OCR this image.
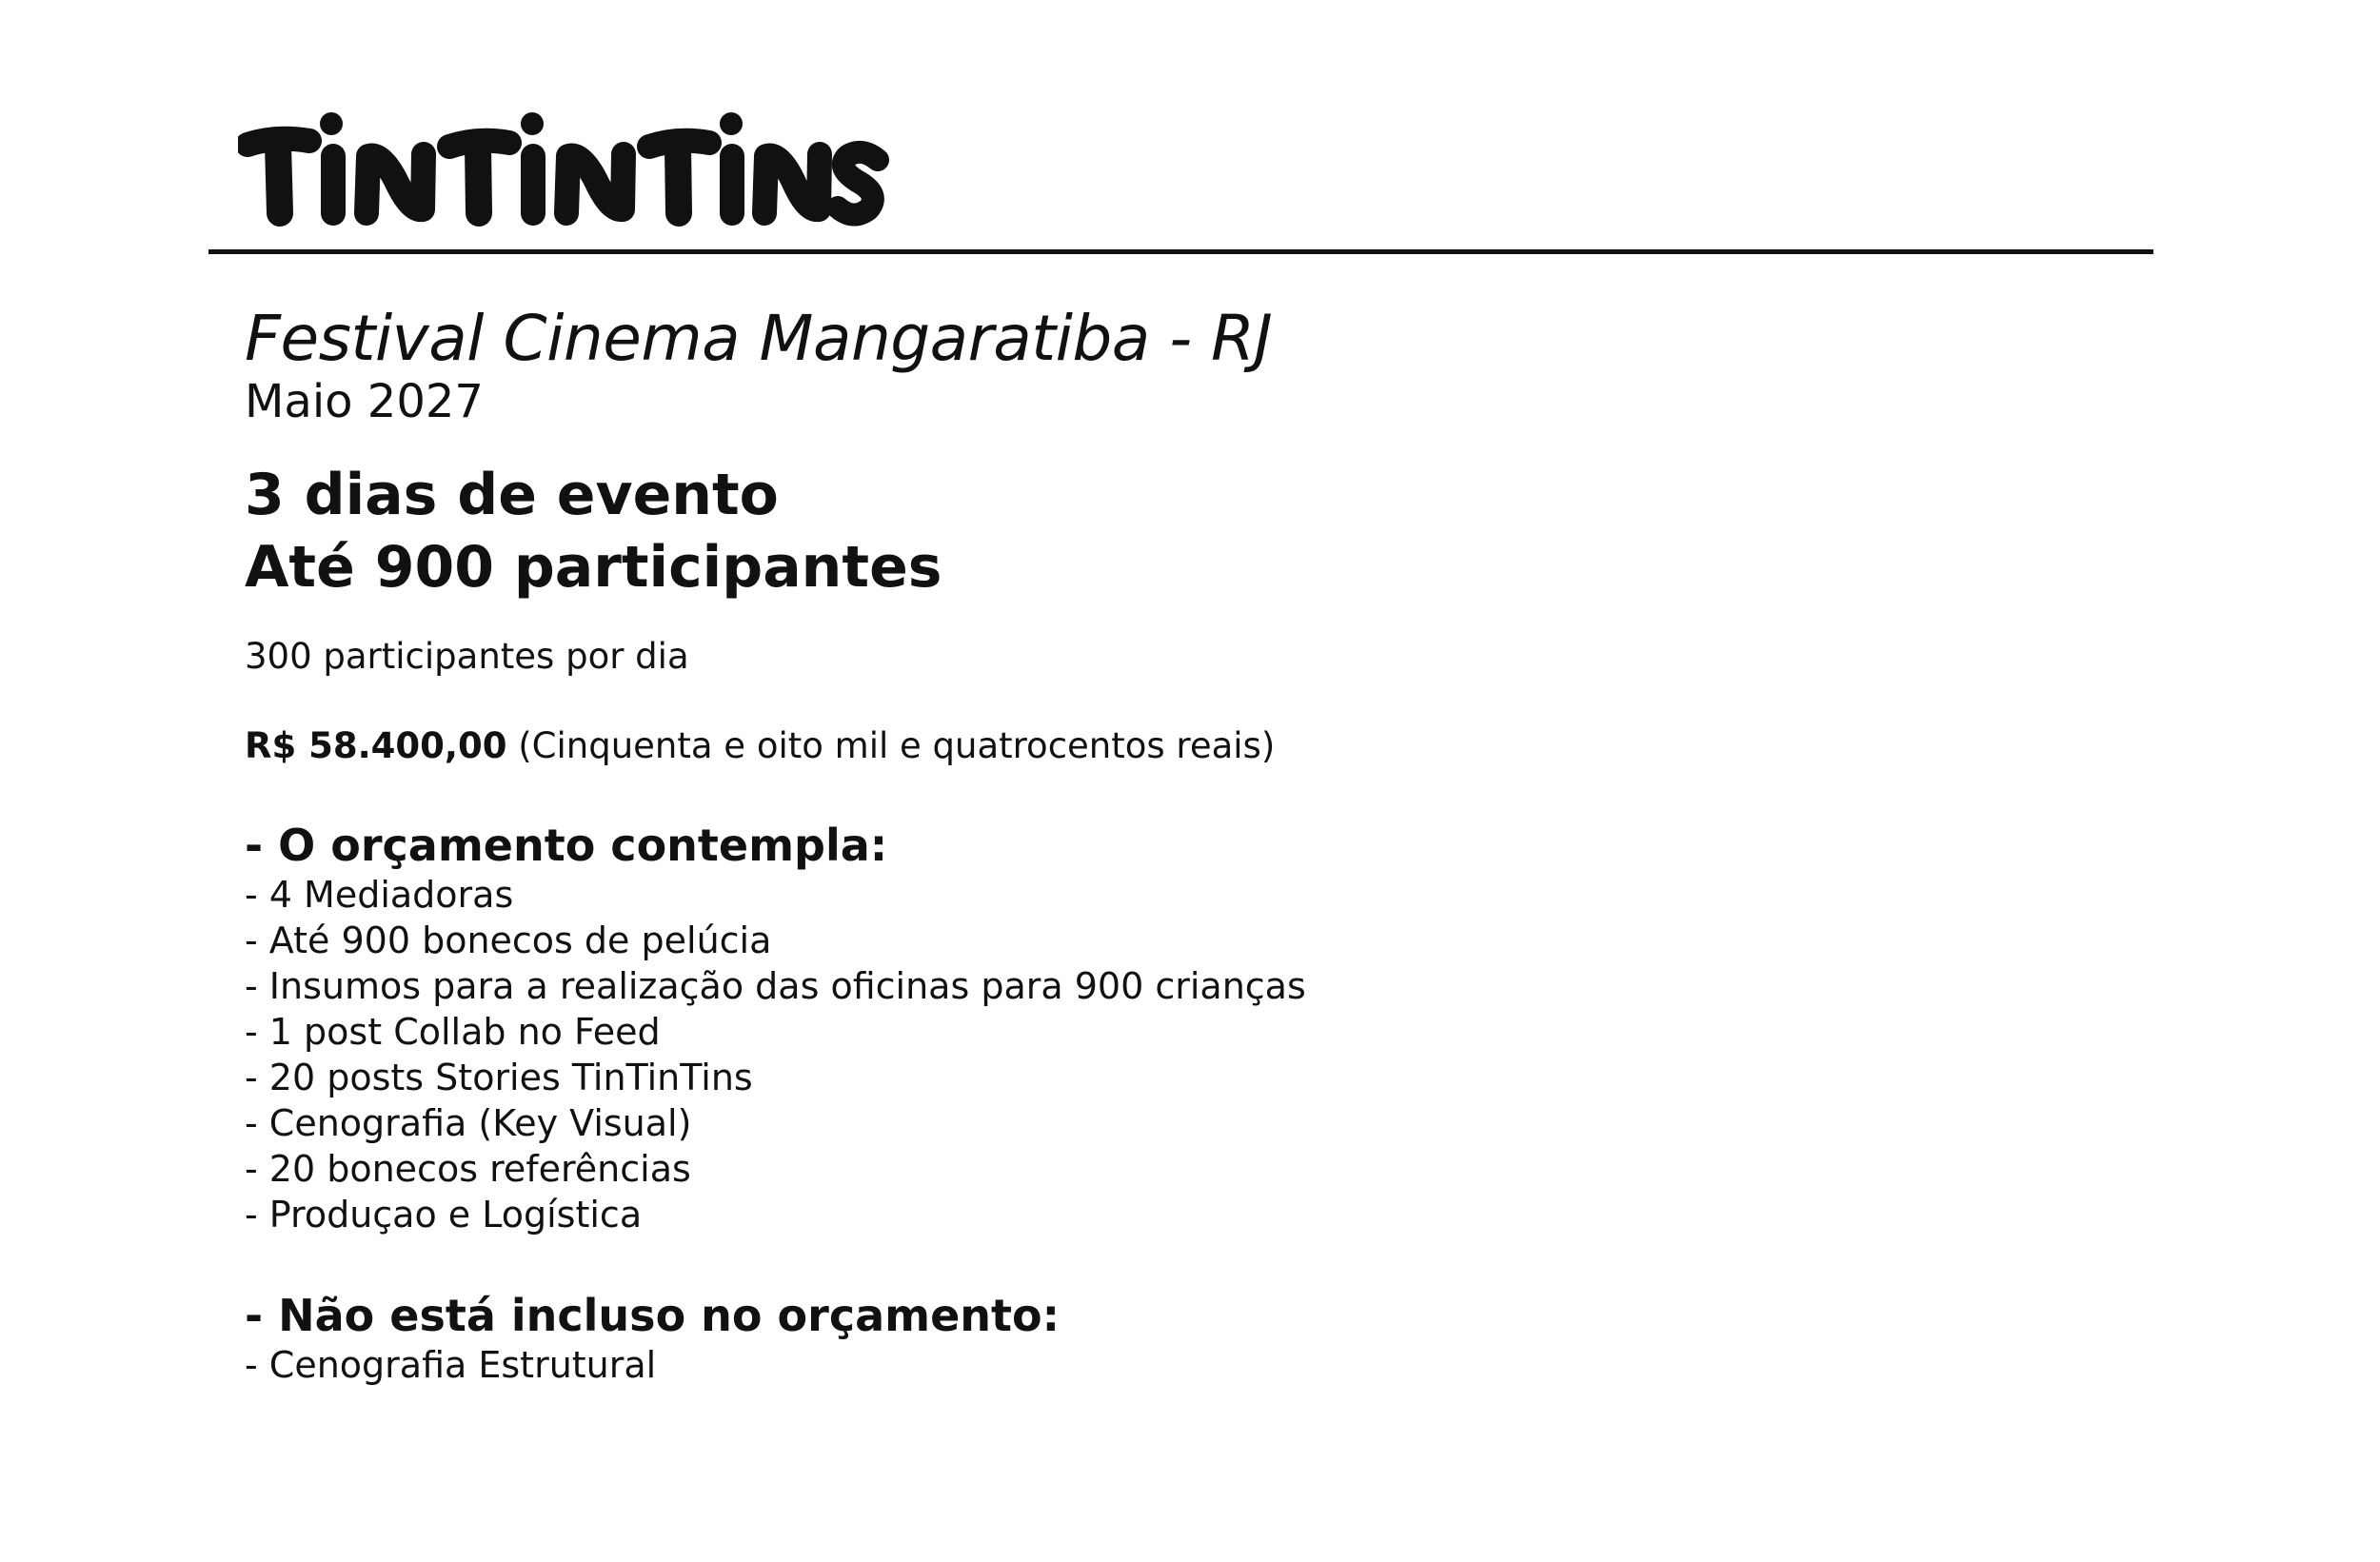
Festival Cinema Mangaratiba - RJ
Maio 2027
3 dias de evento
Até 900 participantes
300 participantes por dia
R$ 58.400,00 (Cinquenta e oito mil e quatrocentos reais)
- O orçamento contempla:
- 4 Mediadoras
- Até 900 bonecos de pelúcia
- Insumos para a realização das oficinas para 900 crianças
- 1 post Collab no Feed
- 20 posts Stories TinTinTins
- Cenografia (Key Visual)
- 20 bonecos referências
- Produçao e Logística
- Não está incluso no orçamento:
- Cenografia Estrutural
